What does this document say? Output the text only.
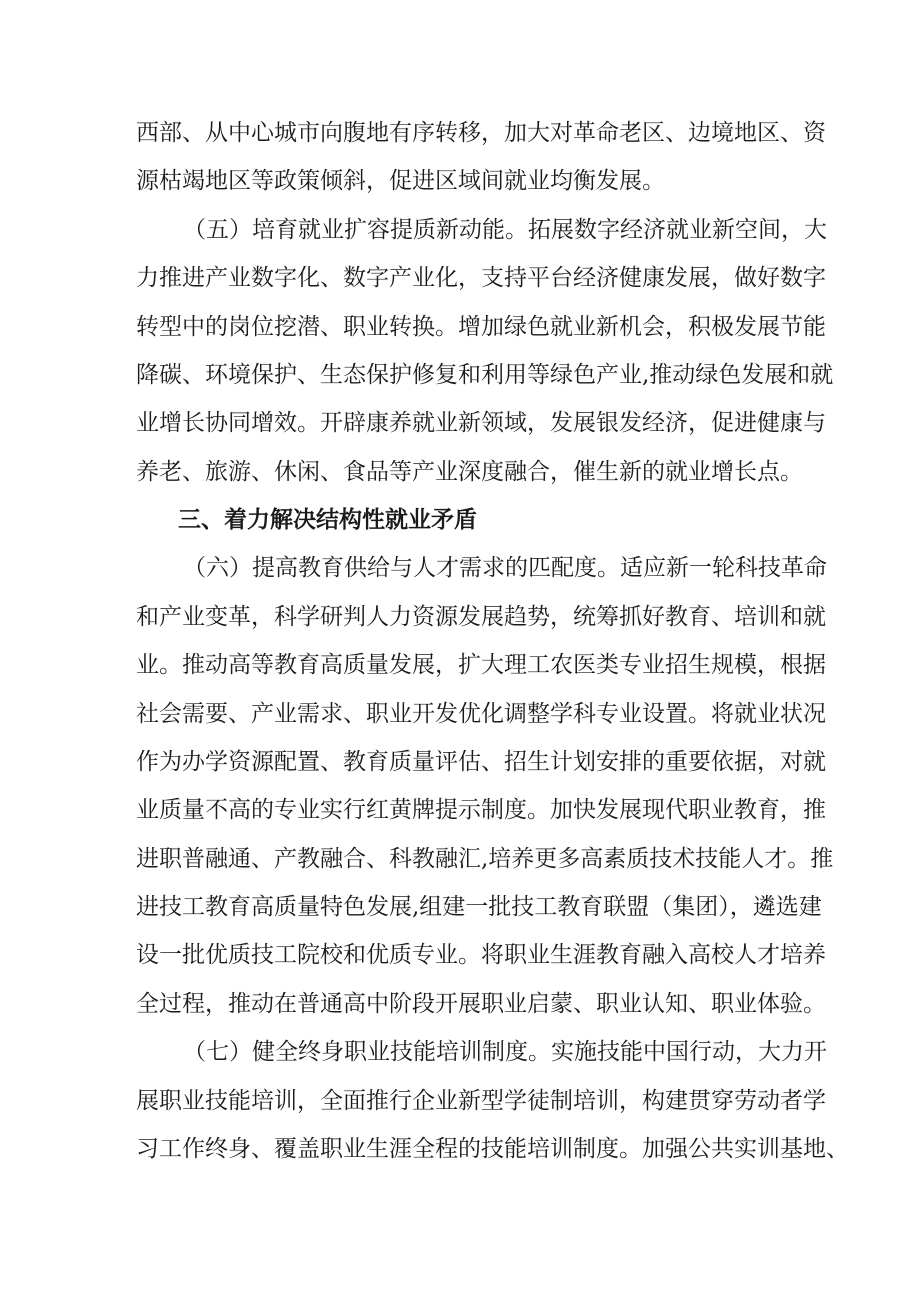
西部、从中心城市向腹地有序转移，加大对革命老区、边境地区、资
源枯竭地区等政策倾斜，促进区域间就业均衡发展。
（五）培育就业扩容提质新动能。拓展数字经济就业新空间，大
力推进产业数字化、数字产业化，支持平台经济健康发展，做好数字
转型中的岗位挖潜、职业转换。增加绿色就业新机会，积极发展节能
降碳、环境保护、生态保护修复和利用等绿色产业,推动绿色发展和就
业增长协同增效。开辟康养就业新领域，发展银发经济，促进健康与
养老、旅游、休闲、食品等产业深度融合，催生新的就业增长点。
三、着力解决结构性就业矛盾
（六）提高教育供给与人才需求的匹配度。适应新一轮科技革命
和产业变革，科学研判人力资源发展趋势，统筹抓好教育、培训和就
业。推动高等教育高质量发展，扩大理工农医类专业招生规模，根据
社会需要、产业需求、职业开发优化调整学科专业设置。将就业状况
作为办学资源配置、教育质量评估、招生计划安排的重要依据，对就
业质量不高的专业实行红黄牌提示制度。加快发展现代职业教育，推
进职普融通、产教融合、科教融汇,培养更多高素质技术技能人才。推
进技工教育高质量特色发展,组建一批技工教育联盟（集团），遴选建
设一批优质技工院校和优质专业。将职业生涯教育融入高校人才培养
全过程，推动在普通高中阶段开展职业启蒙、职业认知、职业体验。
（七）健全终身职业技能培训制度。实施技能中国行动，大力开
展职业技能培训，全面推行企业新型学徒制培训，构建贯穿劳动者学
习工作终身、覆盖职业生涯全程的技能培训制度。加强公共实训基地、
